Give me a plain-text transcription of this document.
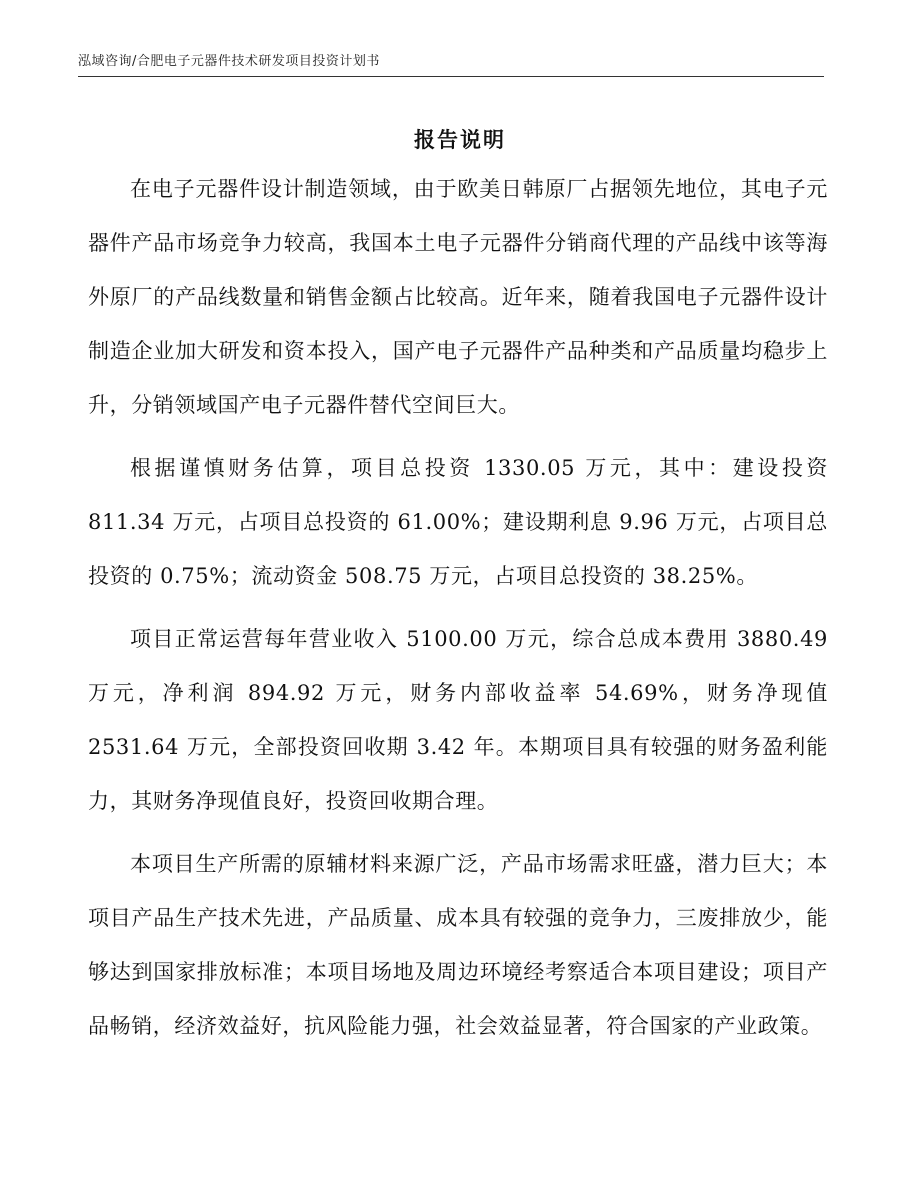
泓域咨询/合肥电子元器件技术研发项目投资计划书
报告说明

在电子元器件设计制造领域，由于欧美日韩原厂占据领先地位，其电子元器件产品市场竞争力较高，我国本土电子元器件分销商代理的产品线中该等海外原厂的产品线数量和销售金额占比较高。近年来，随着我国电子元器件设计制造企业加大研发和资本投入，国产电子元器件产品种类和产品质量均稳步上升，分销领域国产电子元器件替代空间巨大。

根据谨慎财务估算，项目总投资 1330.05 万元，其中：建设投资 811.34 万元，占项目总投资的 61.00%；建设期利息 9.96 万元，占项目总投资的 0.75%；流动资金 508.75 万元，占项目总投资的 38.25%。

项目正常运营每年营业收入 5100.00 万元，综合总成本费用 3880.49 万元，净利润 894.92 万元，财务内部收益率 54.69%，财务净现值 2531.64 万元，全部投资回收期 3.42 年。本期项目具有较强的财务盈利能力，其财务净现值良好，投资回收期合理。

本项目生产所需的原辅材料来源广泛，产品市场需求旺盛，潜力巨大；本项目产品生产技术先进，产品质量、成本具有较强的竞争力，三废排放少，能够达到国家排放标准；本项目场地及周边环境经考察适合本项目建设；项目产品畅销，经济效益好，抗风险能力强，社会效益显著，符合国家的产业政策。
